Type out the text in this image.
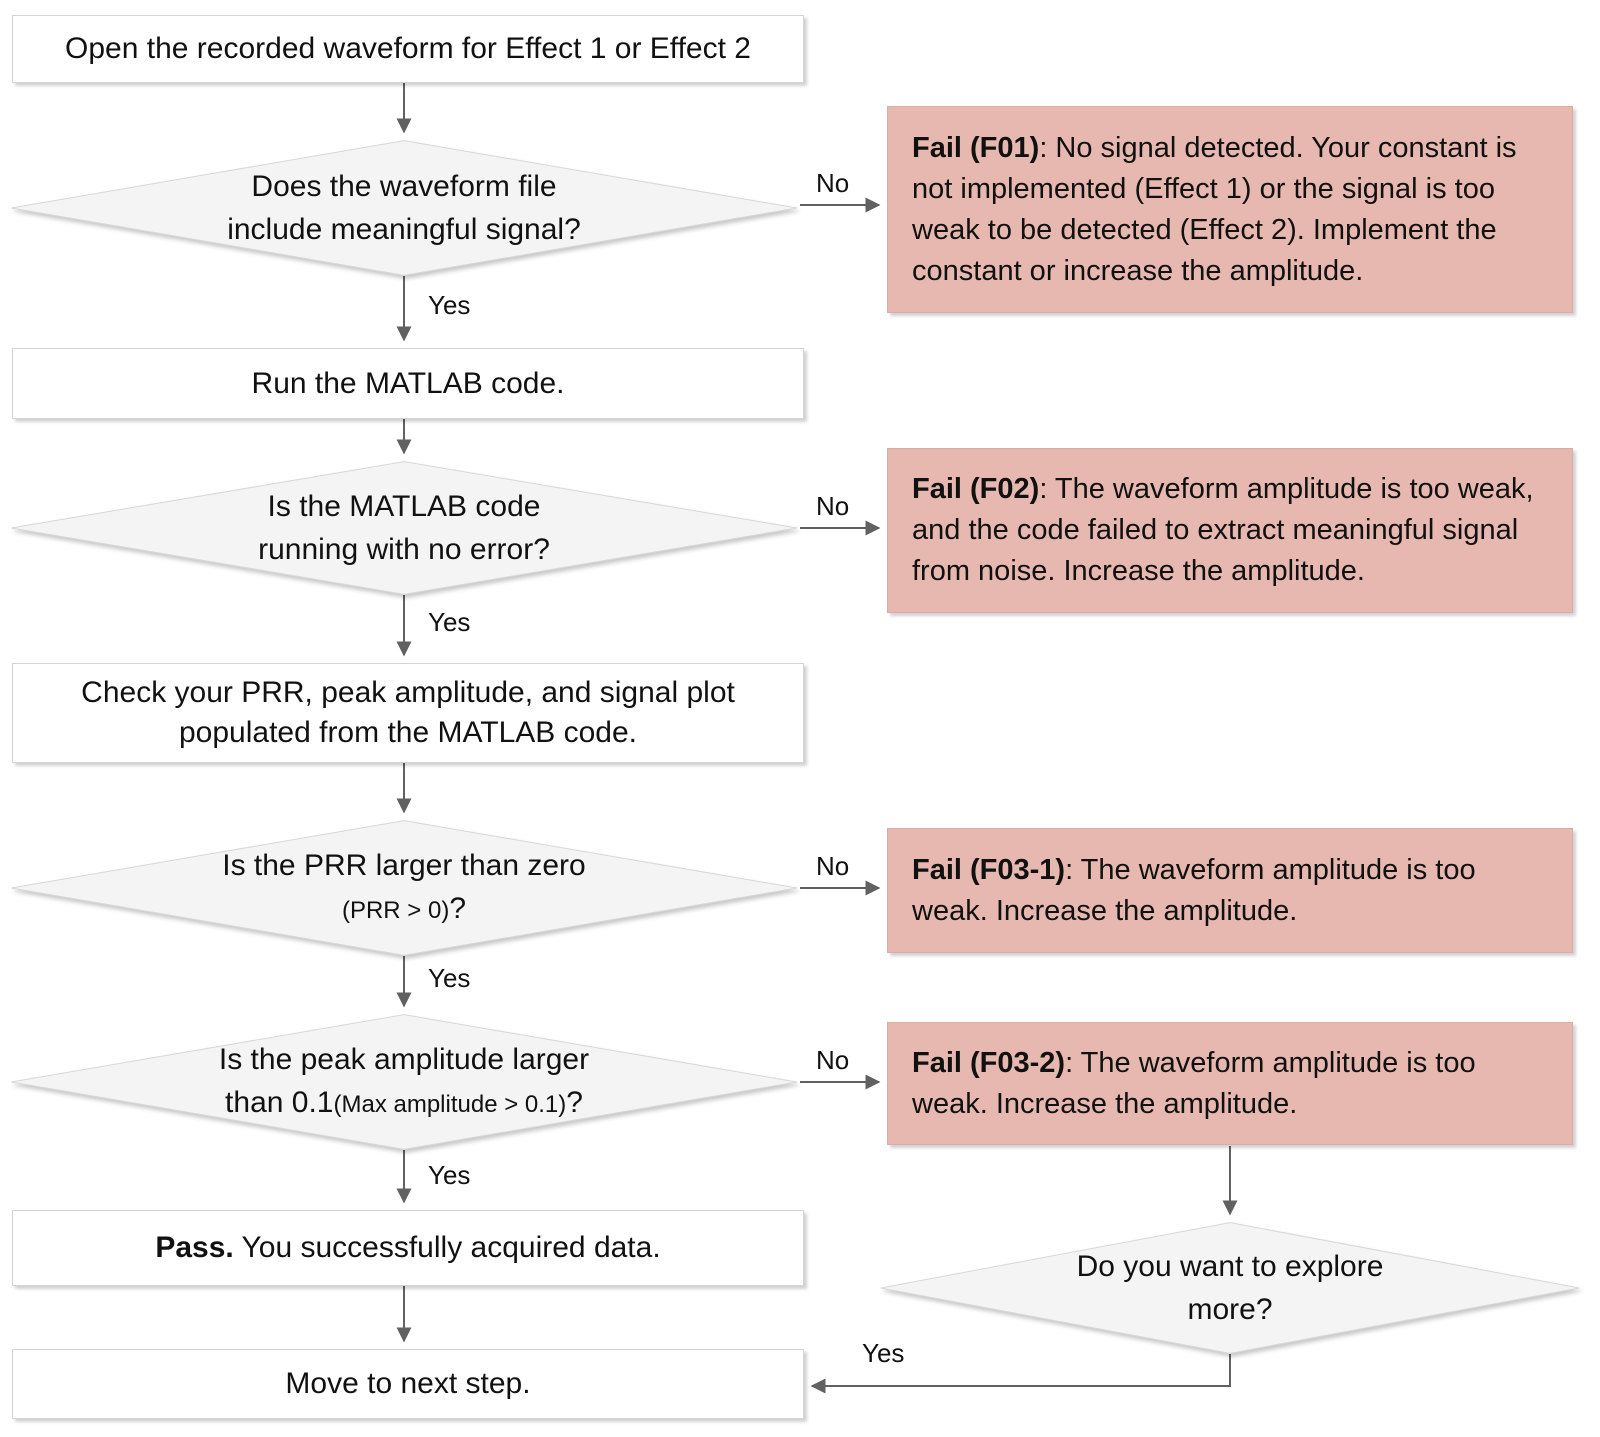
Open the recorded waveform for Effect 1 or Effect 2
Does the waveform file
include meaningful signal?
Fail (F01): No signal detected. Your constant is not implemented (Effect 1) or the signal is too weak to be detected (Effect 2). Implement the constant or increase the amplitude.
Run the MATLAB code.
Is the MATLAB code
running with no error?
Fail (F02): The waveform amplitude is too weak, and the code failed to extract meaningful signal from noise. Increase the amplitude.
Check your PRR, peak amplitude, and signal plot
populated from the MATLAB code.
Is the PRR larger than zero
(PRR > 0)?
Fail (F03-1): The waveform amplitude is too weak. Increase the amplitude.
Is the peak amplitude larger
than 0.1(Max amplitude > 0.1)?
Fail (F03-2): The waveform amplitude is too weak. Increase the amplitude.
Pass. You successfully acquired data.
Do you want to explore
more?
Move to next step.
Yes
Yes
Yes
Yes
Yes
No
No
No
No
